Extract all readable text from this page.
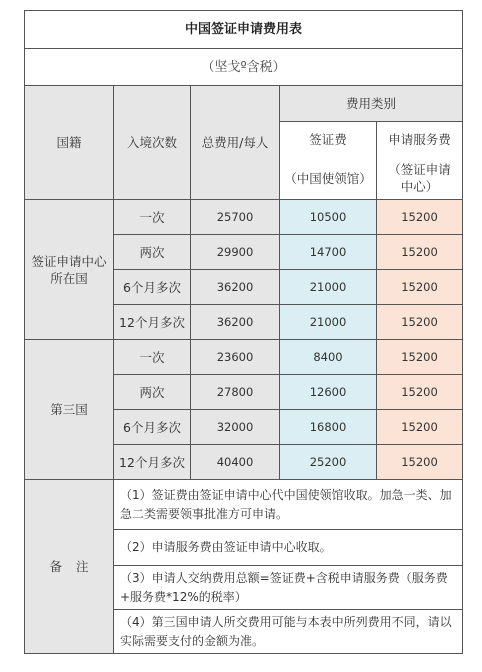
中国签证申请费用表				
（坚戈º含税）				
国籍	入境次数	总费用/每人	费用类别	
			签证费	申请服务费
			（中国使领馆）	（签证申请中心）
签证申请中心所在国	一次	25700	10500	15200
	两次	29900	14700	15200
	6个月多次	36200	21000	15200
	12个月多次	36200	21000	15200
第三国	一次	23600	8400	15200
	两次	27800	12600	15200
	6个月多次	32000	16800	15200
	12个月多次	40400	25200	15200
备注	（1）签证费由签证申请中心代中国使领馆收取。加急一类、加急二类需要领事批准方可申请。			
	（2）申请服务费由签证申请中心收取。			
	（3）申请人交纳费用总额=签证费+含税申请服务费（服务费+服务费*12%的税率）			
	（4）第三国申请人所交费用可能与本表中所列费用不同，请以实际需要支付的金额为准。			
